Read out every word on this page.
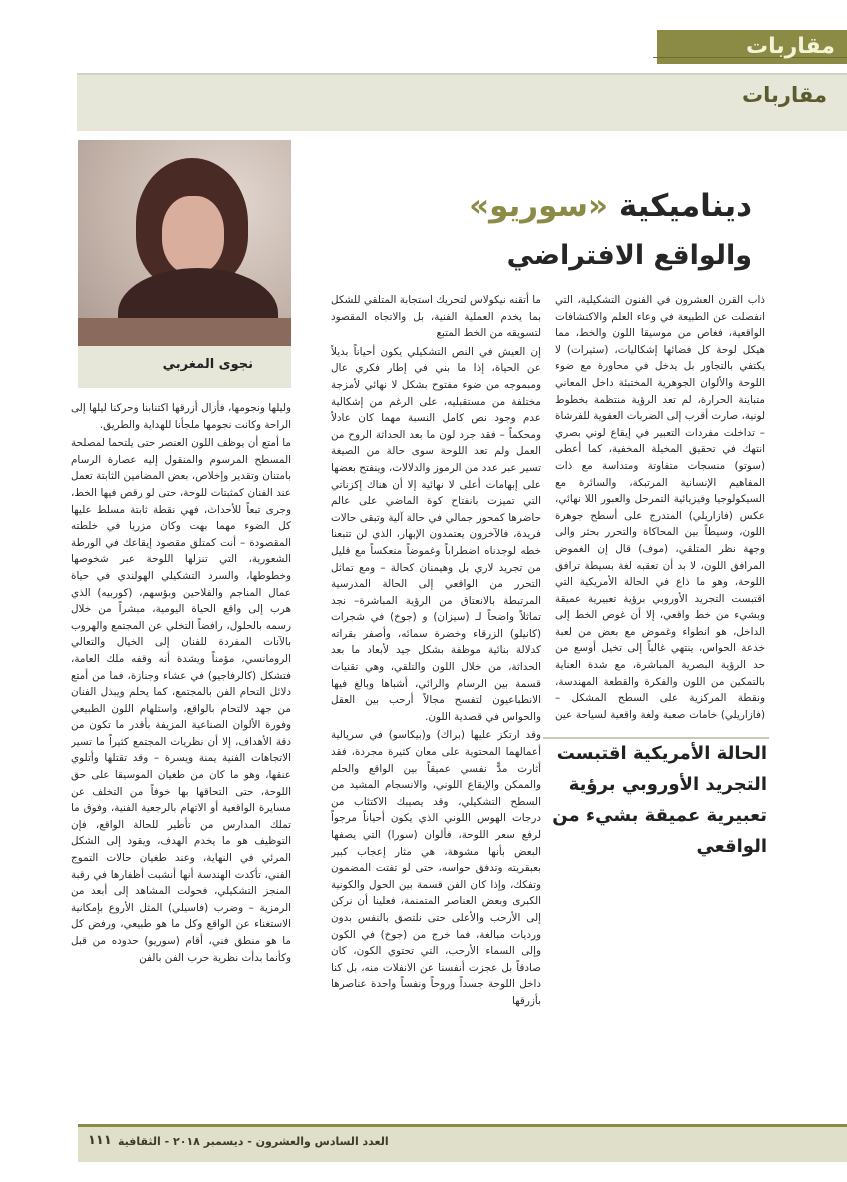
مقاربات
مقاربات
نجوى المغربي
ديناميكية «سوريو»
والواقع الافتراضي

ذاب القرن العشرون في الفنون التشكيلية، التي انفصلت عن الطبيعة في وعاء العلم والاكتشافات الواقعية، فغاص من موسيقا اللون والخط، مما هيكل لوحة كل فضائها إشكاليات، (سثيرات) لا يكتفي بالتجاور بل يدخل في محاورة مع ضوء اللوحة والألوان الجوهرية المختبئة داخل المعاني متباينة الحرارة، لم تعد الرؤية منتظمة بخطوط لونية، صارت أقرب إلى الضربات العفوية للفرشاة – تداخلت مفردات التعبير في إيقاع لوني بصري انتهك في تحقيق المخيلة المخفية، كما أعطى (سوتو) منسجات متفاوتة ومتداسة مع ذات المفاهيم الإنسانية المرتبكة، والسائرة مع السيكولوجيا وفيزيائية التمرحل والعبور اللا نهائي، عكس (فازاريلي) المتدرج على أسطح جوهرة اللون، وسيطاً بين المحاكاة والتحرر بحثر والى وجهة نظر المتلقي، (موف) قال إن الغموض المرافق اللون، لا بد أن تعقبه لغة بسيطة ترافق اللوحة، وهو ما ذاع في الحالة الأمريكية التي اقتبست التجريد الأوروبي برؤية تعبيرية عميقة وبشيء من خط واقعي، إلا أن غوص الخط إلى الداخل، هو انطواء وغموض مع بعض من لعبة خدعة الحواس، ينتهي غالباً إلى تخيل أوسع من حد الرؤية البصرية المباشرة، مع شدة العناية بالتمكين من اللون والفكرة والقطعة المهندسة، ونقطة المركزية على السطح المشكل – (فازاريلي) خامات صعبة ولغة واقعية لسياحة عين

ما أتقنه نيكولاس لتحريك استجابة المتلقي للشكل بما يخدم العملية الفنية، بل والاتجاه المقصود لتسويقه من الخط المتبع

إن العيش في النص التشكيلي يكون أحياناً بديلاً عن الحياة، إذا ما بني في إطار فكري عال ومبموجه من ضوء مفتوح بشكل لا نهائي لأمزجة مختلفة من مستقبليه، على الرغم من إشكالية عدم وجود نص كامل النسبة مهما كان عادلاً ومحكماً – فقد جرد لون ما بعد الحداثة الروح من العمل ولم تعد اللوحة سوى حالة من الصيغة تسير عبر عدد من الرموز والدلالات، وينفتح بعضها على إبهامات أعلى لا نهائية إلا أن هناك إكزناتي التي تميزت بانفتاح كوة الماضي على عالم حاضرها كمحور جمالي في حالة آلية وتبقى حالات فريدة، فالآخرون يعتمدون الإبهار، الذي لن تتبعنا خطه لوجدناه اضطراباً وغموضاً منعكساً مع قليل من تجريد لاري بل وهيمنان كحالة – ومع تماثل التحرر من الواقعي إلى الحالة المدرسية المرتبطة بالانعتاق من الرؤية المباشرة– نجد تماثلاً واضحاً لـ (سيزان) و (جوخ) في شجرات (كانيلو) الزرقاء وخضرة سمائه، وأصفر بقراته كدلالة بنائية موظفة بشكل جيد لأبعاد ما بعد الحداثة، من خلال اللون والتلقي، وهي تقنيات قسمة بين الرسام والرائي، أشباها وبالغ فيها الانطباعيون لتفسح مجالاً أرحب بين العقل والحواس في قصدية اللون.

وقد ارتكز عليها (براك) و(بيكاسو) في سريالية أعمالهما المحتوية على معان كثيرة مجردة، فقد أثارت مدًّ نفسي عميقاً بين الواقع والحلم والممكن والإيقاع اللوني، والانسجام المشيد من السطح التشكيلي، وقد يصيبك الاكتئاب من درجات الهوس اللوني الذي يكون أحياناً مرجواً لرفع سعر اللوحة، فألوان (سورا) التي يصفها البعض بأنها مشوهة، هي مثار إعجاب كبير بعبقريته وتدفق حواسه، حتى لو تفتت المضمون وتفكك، وإذا كان الفن قسمة بين الحول والكونية الكبرى وبعض العناصر المتمنمة، فعلينا أن نركن إلى الأرحب والأعلى حتى نلتصق بالنفس بدون ورديات مبالغة، فما خرج من (جوخ) في الكون وإلى السماء الأرحب، التي تحتوي الكون، كان صادقاً بل عجزت أنفسنا عن الانفلات منه، بل كنا داخل اللوحة جسداً وروحاً ونفساً واحدة عناصرها بأزرقها

وليلها ونجومها، فأزال أزرقها اكتنابنا وحركنا ليلها إلى الراحة وكانت نجومها ملجأنا للهداية والطريق.

ما أمتع أن يوظف اللون العنصر حتى يلتحما لمصلحة المسطح المرسوم والمنقول إليه عصارة الرسام بامتنان وتقدير وإخلاص، بعض المضامين الثابتة تعمل عند الفنان كمثبتات للوحة، حتى لو رقص فيها الخط، وجرى تبعاً للأحداث، فهي نقطة ثابتة مسلط عليها كل الضوء مهما بهت وكان مزريا في خلطته المقصودة – أنت كمتلق مقصود إيقاعك في الورطة الشعورية، التي تنزلها اللوحة عبر شخوصها وخطوطها، والسرد التشكيلي الهولندي في حياة عمال المناجم والفلاحين وبؤسهم، (كوربيه) الذي هرب إلى واقع الحياة اليومية، مبشراً من خلال رسمه بالحلول، رافضاً التخلي عن المجتمع والهروب بالآنات المفردة للفنان إلى الخيال والتعالي الرومانسي، مؤمناً ويشدة أنه وقفه ملك العامة، فتشكل (كالرفاجيو) في عشاء وجنازة، فما من أمتع دلائل التحام الفن بالمجتمع، كما يحلم ويبذل الفنان من جهد لالتحام بالواقع، واستلهام اللون الطبيعي وفورة الألوان الصناعية المزيفة بأقدر ما تكون من دقة الأهداف، إلا أن نظريات المجتمع كثيراً ما تسير الاتجاهات الفنية يمنة ويسرة – وقد تقتلها وأتلوي عنقها، وهو ما كان من طغيان الموسيقا على حق اللوحة، حتى التحاقها بها خوفاً من التخلف عن مسايرة الواقعية أو الاتهام بالرجعية الفنية، وفوق ما تملك المدارس من تأطير للحالة الواقع، فإن التوظيف هو ما يخدم الهدف، ويقود إلى الشكل المرئي في النهاية، وعند طغيان حالات التموج الفني، تأكدت الهندسة أنها أنشبت أظفارها في رقبة المنجز التشكيلي، فحولت المشاهد إلى أبعد من الرمزية – وضرب (فاسيلي) المثل الأروع بإمكانية الاستغناء عن الواقع وكل ما هو طبيعي، ورفض كل ما هو منطق فني، أقام (سوريو) حدوده من قبل وكأنما بدأت نظرية حرب الفن بالفن

الحالة الأمريكية اقتبست
التجريد الأوروبي برؤية
تعبيرية عميقة بشيء من
الواقعي
العدد السادس والعشرون - ديسمبر ٢٠١٨ - الثقافية
١١١
